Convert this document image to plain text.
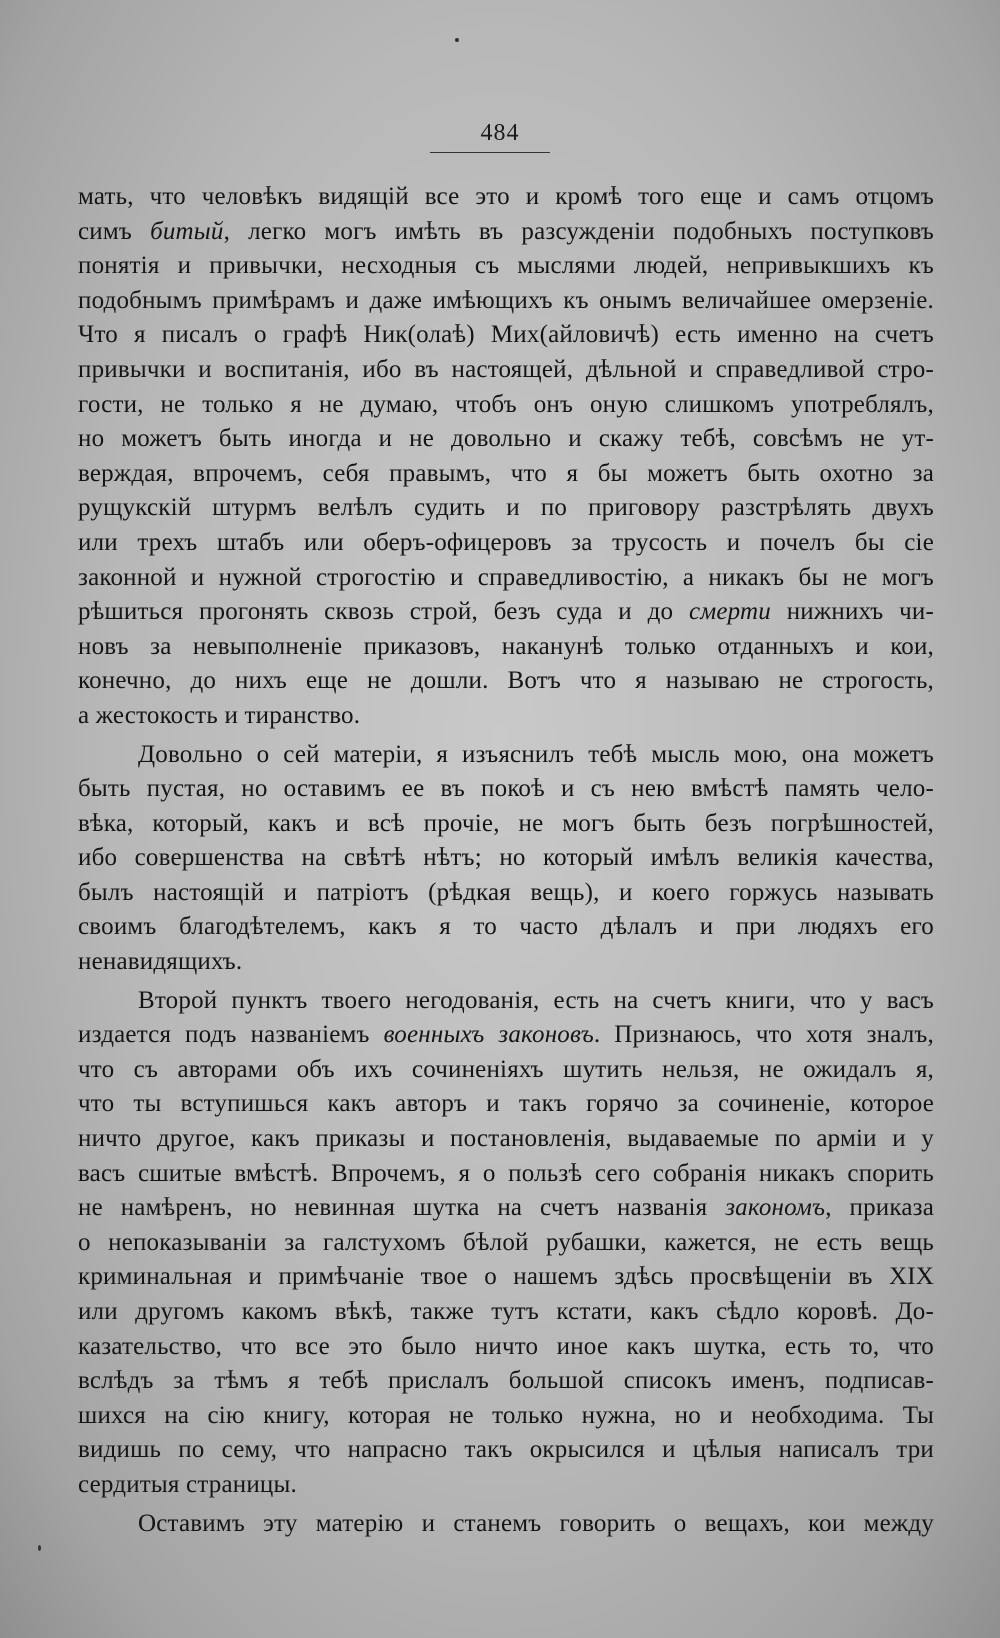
484
мать, что человѣкъ видящій все это и кромѣ того еще и самъ отцомъ
симъ битый, легко могъ имѣть въ разсужденіи подобныхъ поступковъ
понятія и привычки, несходныя съ мыслями людей, непривыкшихъ къ
подобнымъ примѣрамъ и даже имѣющихъ къ онымъ величайшее омерзеніе.
Что я писалъ о графѣ Ник(олаѣ) Мих(айловичѣ) есть именно на счетъ
привычки и воспитанія, ибо въ настоящей, дѣльной и справедливой стро-
гости, не только я не думаю, чтобъ онъ оную слишкомъ употреблялъ,
но можетъ быть иногда и не довольно и скажу тебѣ, совсѣмъ не ут-
верждая, впрочемъ, себя правымъ, что я бы можетъ быть охотно за
рущукскій штурмъ велѣлъ судить и по приговору разстрѣлять двухъ
или трехъ штабъ или оберъ-офицеровъ за трусость и почелъ бы сіе
законной и нужной строгостію и справедливостію, а никакъ бы не могъ
рѣшиться прогонять сквозь строй, безъ суда и до смерти нижнихъ чи-
новъ за невыполненіе приказовъ, наканунѣ только отданныхъ и кои,
конечно, до нихъ еще не дошли. Вотъ что я называю не строгость,
а жестокость и тиранство.
Довольно о сей матеріи, я изъяснилъ тебѣ мысль мою, она можетъ
быть пустая, но оставимъ ее въ покоѣ и съ нею вмѣстѣ память чело-
вѣка, который, какъ и всѣ прочіе, не могъ быть безъ погрѣшностей,
ибо совершенства на свѣтѣ нѣтъ; но который имѣлъ великія качества,
былъ настоящій и патріотъ (рѣдкая вещь), и коего горжусь называть
своимъ благодѣтелемъ, какъ я то часто дѣлалъ и при людяхъ его
ненавидящихъ.
Второй пунктъ твоего негодованія, есть на счетъ книги, что у васъ
издается подъ названіемъ военныхъ законовъ. Признаюсь, что хотя зналъ,
что съ авторами объ ихъ сочиненіяхъ шутить нельзя, не ожидалъ я,
что ты вступишься какъ авторъ и такъ горячо за сочиненіе, которое
ничто другое, какъ приказы и постановленія, выдаваемые по арміи и у
васъ сшитые вмѣстѣ. Впрочемъ, я о пользѣ сего собранія никакъ спорить
не намѣренъ, но невинная шутка на счетъ названія закономъ, приказа
о непоказываніи за галстухомъ бѣлой рубашки, кажется, не есть вещь
криминальная и примѣчаніе твое о нашемъ здѣсь просвѣщеніи въ XIX
или другомъ какомъ вѣкѣ, также тутъ кстати, какъ сѣдло коровѣ. До-
казательство, что все это было ничто иное какъ шутка, есть то, что
вслѣдъ за тѣмъ я тебѣ прислалъ большой списокъ именъ, подписав-
шихся на сію книгу, которая не только нужна, но и необходима. Ты
видишь по сему, что напрасно такъ окрысился и цѣлыя написалъ три
сердитыя страницы.
Оставимъ эту матерію и станемъ говорить о вещахъ, кои между
